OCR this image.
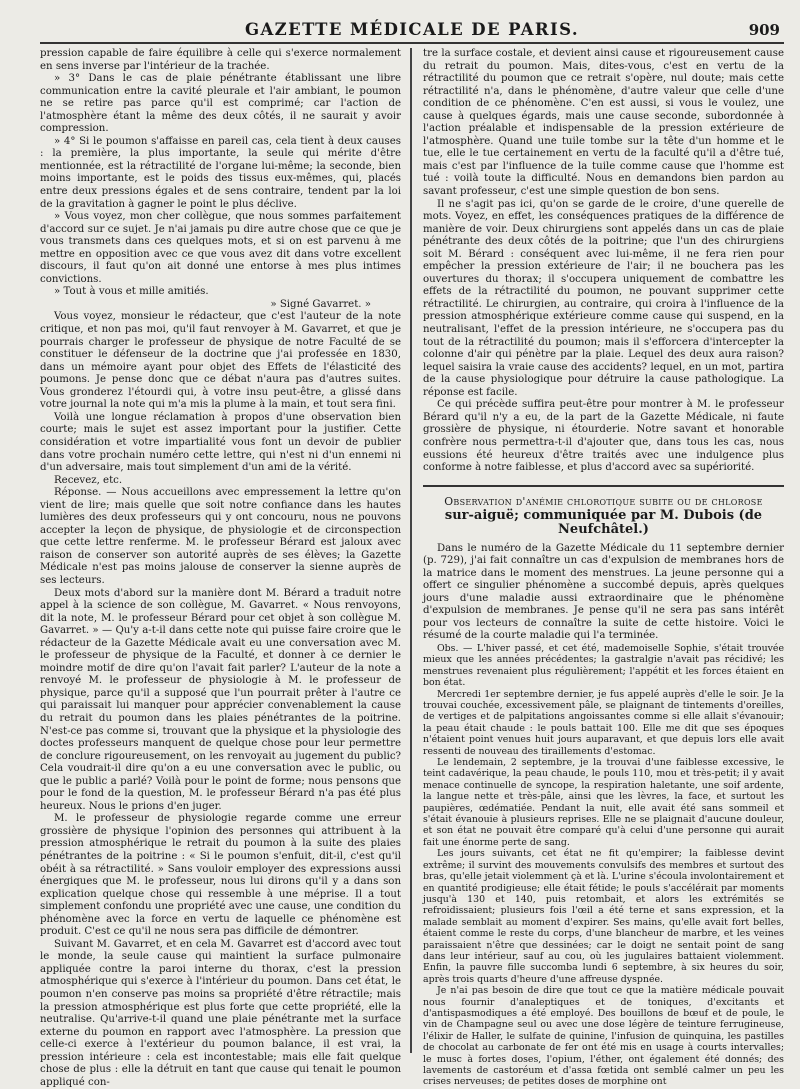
GAZETTE MÉDICALE DE PARIS.	909

pression capable de faire équilibre à celle qui s'exerce normalement en sens inverse par l'intérieur de la trachée.

» 3° Dans le cas de plaie pénétrante établissant une libre communication entre la cavité pleurale et l'air ambiant, le poumon ne se retire pas parce qu'il est comprimé; car l'action de l'atmosphère étant la même des deux côtés, il ne saurait y avoir compression.

» 4° Si le poumon s'affaisse en pareil cas, cela tient à deux causes : la première, la plus importante, la seule qui mérite d'être mentionnée, est la rétractilité de l'organe lui-même; la seconde, bien moins importante, est le poids des tissus eux-mêmes, qui, placés entre deux pressions égales et de sens contraire, tendent par la loi de la gravitation à gagner le point le plus déclive.

» Vous voyez, mon cher collègue, que nous sommes parfaitement d'accord sur ce sujet. Je n'ai jamais pu dire autre chose que ce que je vous transmets dans ces quelques mots, et si on est parvenu à me mettre en opposition avec ce que vous avez dit dans votre excellent discours, il faut qu'on ait donné une entorse à mes plus intimes convictions.

» Tout à vous et mille amitiés.

» Signé Gavarret. »

Vous voyez, monsieur le rédacteur, que c'est l'auteur de la note critique, et non pas moi, qu'il faut renvoyer à M. Gavarret, et que je pourrais charger le professeur de physique de notre Faculté de se constituer le défenseur de la doctrine que j'ai professée en 1830, dans un mémoire ayant pour objet des Effets de l'élasticité des poumons. Je pense donc que ce débat n'aura pas d'autres suites. Vous gronderez l'étourdi qui, à votre insu peut-être, a glissé dans votre journal la note qui m'a mis la plume à la main, et tout sera fini.

Voilà une longue réclamation à propos d'une observation bien courte; mais le sujet est assez important pour la justifier. Cette considération et votre impartialité vous font un devoir de publier dans votre prochain numéro cette lettre, qui n'est ni d'un ennemi ni d'un adversaire, mais tout simplement d'un ami de la vérité.

Recevez, etc.

Réponse. — Nous accueillons avec empressement la lettre qu'on vient de lire; mais quelle que soit notre confiance dans les hautes lumières des deux professeurs qui y ont concouru, nous ne pouvons accepter la leçon de physique, de physiologie et de circonspection que cette lettre renferme. M. le professeur Bérard est jaloux avec raison de conserver son autorité auprès de ses élèves; la Gazette Médicale n'est pas moins jalouse de conserver la sienne auprès de ses lecteurs.

Deux mots d'abord sur la manière dont M. Bérard a traduit notre appel à la science de son collègue, M. Gavarret. « Nous renvoyons, dit la note, M. le professeur Bérard pour cet objet à son collègue M. Gavarret. » — Qu'y a-t-il dans cette note qui puisse faire croire que le rédacteur de la Gazette Médicale avait eu une conversation avec M. le professeur de physique de la Faculté, et donner à ce dernier le moindre motif de dire qu'on l'avait fait parler? L'auteur de la note a renvoyé M. le professeur de physiologie à M. le professeur de physique, parce qu'il a supposé que l'un pourrait prêter à l'autre ce qui paraissait lui manquer pour apprécier convenablement la cause du retrait du poumon dans les plaies pénétrantes de la poitrine. N'est-ce pas comme si, trouvant que la physique et la physiologie des doctes professeurs manquent de quelque chose pour leur permettre de conclure rigoureusement, on les renvoyait au jugement du public? Cela voudrait-il dire qu'on a eu une conversation avec le public, ou que le public a parlé? Voilà pour le point de forme; nous pensons que pour le fond de la question, M. le professeur Bérard n'a pas été plus heureux. Nous le prions d'en juger.

M. le professeur de physiologie regarde comme une erreur grossière de physique l'opinion des personnes qui attribuent à la pression atmosphérique le retrait du poumon à la suite des plaies pénétrantes de la poitrine : « Si le poumon s'enfuit, dit-il, c'est qu'il obéit à sa rétractilité. » Sans vouloir employer des expressions aussi énergiques que M. le professeur, nous lui dirons qu'il y a dans son explication quelque chose qui ressemble à une méprise. Il a tout simplement confondu une propriété avec une cause, une condition du phénomène avec la force en vertu de laquelle ce phénomène est produit. C'est ce qu'il ne nous sera pas difficile de démontrer.

Suivant M. Gavarret, et en cela M. Gavarret est d'accord avec tout le monde, la seule cause qui maintient la surface pulmonaire appliquée contre la paroi interne du thorax, c'est la pression atmosphérique qui s'exerce à l'intérieur du poumon. Dans cet état, le poumon n'en conserve pas moins sa propriété d'être rétractile; mais la pression atmosphérique est plus forte que cette propriété, elle la neutralise. Qu'arrive-t-il quand une plaie pénétrante met la surface externe du poumon en rapport avec l'atmosphère. La pression que celle-ci exerce à l'extérieur du poumon balance, il est vrai, la pression intérieure : cela est incontestable; mais elle fait quelque chose de plus : elle la détruit en tant que cause qui tenait le poumon appliqué con-

tre la surface costale, et devient ainsi cause et rigoureusement cause du retrait du poumon. Mais, dites-vous, c'est en vertu de la rétractilité du poumon que ce retrait s'opère, nul doute; mais cette rétractilité n'a, dans le phénomène, d'autre valeur que celle d'une condition de ce phénomène. C'en est aussi, si vous le voulez, une cause à quelques égards, mais une cause seconde, subordonnée à l'action préalable et indispensable de la pression extérieure de l'atmosphère. Quand une tuile tombe sur la tête d'un homme et le tue, elle le tue certainement en vertu de la faculté qu'il a d'être tué, mais c'est par l'influence de la tuile comme cause que l'homme est tué : voilà toute la difficulté. Nous en demandons bien pardon au savant professeur, c'est une simple question de bon sens.

Il ne s'agit pas ici, qu'on se garde de le croire, d'une querelle de mots. Voyez, en effet, les conséquences pratiques de la différence de manière de voir. Deux chirurgiens sont appelés dans un cas de plaie pénétrante des deux côtés de la poitrine; que l'un des chirurgiens soit M. Bérard : conséquent avec lui-même, il ne fera rien pour empêcher la pression extérieure de l'air; il ne bouchera pas les ouvertures du thorax; il s'occupera uniquement de combattre les effets de la rétractilité du poumon, ne pouvant supprimer cette rétractilité. Le chirurgien, au contraire, qui croira à l'influence de la pression atmosphérique extérieure comme cause qui suspend, en la neutralisant, l'effet de la pression intérieure, ne s'occupera pas du tout de la rétractilité du poumon; mais il s'efforcera d'intercepter la colonne d'air qui pénètre par la plaie. Lequel des deux aura raison? lequel saisira la vraie cause des accidents? lequel, en un mot, partira de la cause physiologique pour détruire la cause pathologique. La réponse est facile.

Ce qui précède suffira peut-être pour montrer à M. le professeur Bérard qu'il n'y a eu, de la part de la Gazette Médicale, ni faute grossière de physique, ni étourderie. Notre savant et honorable confrère nous permettra-t-il d'ajouter que, dans tous les cas, nous eussions été heureux d'être traités avec une indulgence plus conforme à notre faiblesse, et plus d'accord avec sa supériorité.

Observation d'anémie chlorotique subite ou de chlorose
sur-aiguë; communiquée par M. Dubois (de Neufchâtel.)

Dans le numéro de la Gazette Médicale du 11 septembre dernier (p. 729), j'ai fait connaître un cas d'expulsion de membranes hors de la matrice dans le moment des menstrues. La jeune personne qui a offert ce singulier phénomène a succombé depuis, après quelques jours d'une maladie aussi extraordinaire que le phénomène d'expulsion de membranes. Je pense qu'il ne sera pas sans intérêt pour vos lecteurs de connaître la suite de cette histoire. Voici le résumé de la courte maladie qui l'a terminée.

Obs. — L'hiver passé, et cet été, mademoiselle Sophie, s'était trouvée mieux que les années précédentes; la gastralgie n'avait pas récidivé; les menstrues revenaient plus régulièrement; l'appétit et les forces étaient en bon état.

Mercredi 1er septembre dernier, je fus appelé auprès d'elle le soir. Je la trouvai couchée, excessivement pâle, se plaignant de tintements d'oreilles, de vertiges et de palpitations angoissantes comme si elle allait s'évanouir; la peau était chaude : le pouls battait 100. Elle me dit que ses époques n'étaient point venues huit jours auparavant, et que depuis lors elle avait ressenti de nouveau des tiraillements d'estomac.

Le lendemain, 2 septembre, je la trouvai d'une faiblesse excessive, le teint cadavérique, la peau chaude, le pouls 110, mou et très-petit; il y avait menace continuelle de syncope, la respiration haletante, une soif ardente, la langue nette et très-pâle, ainsi que les lèvres, la face, et surtout les paupières, œdématiée. Pendant la nuit, elle avait été sans sommeil et s'était évanouie à plusieurs reprises. Elle ne se plaignait d'aucune douleur, et son état ne pouvait être comparé qu'à celui d'une personne qui aurait fait une énorme perte de sang.

Les jours suivants, cet état ne fit qu'empirer; la faiblesse devint extrême; il survint des mouvements convulsifs des membres et surtout des bras, qu'elle jetait violemment çà et là. L'urine s'écoula involontairement et en quantité prodigieuse; elle était fétide; le pouls s'accélérait par moments jusqu'à 130 et 140, puis retombait, et alors les extrémités se refroidissaient; plusieurs fois l'œil a été terne et sans expression, et la malade semblait au moment d'expirer. Ses mains, qu'elle avait fort belles, étaient comme le reste du corps, d'une blancheur de marbre, et les veines paraissaient n'être que dessinées; car le doigt ne sentait point de sang dans leur intérieur, sauf au cou, où les jugulaires battaient violemment. Enfin, la pauvre fille succomba lundi 6 septembre, à six heures du soir, après trois quarts d'heure d'une affreuse dyspnée.

Je n'ai pas besoin de dire que tout ce que la matière médicale pouvait nous fournir d'analeptiques et de toniques, d'excitants et d'antispasmodiques a été employé. Des bouillons de bœuf et de poule, le vin de Champagne seul ou avec une dose légère de teinture ferrugineuse, l'élixir de Haller, le sulfate de quinine, l'infusion de quinquina, les pastilles de chocolat au carbonate de fer ont été mis en usage à courts intervalles; le musc à fortes doses, l'opium, l'éther, ont également été donnés; des lavements de castoréum et d'assa fœtida ont semblé calmer un peu les crises nerveuses; de petites doses de morphine ont
